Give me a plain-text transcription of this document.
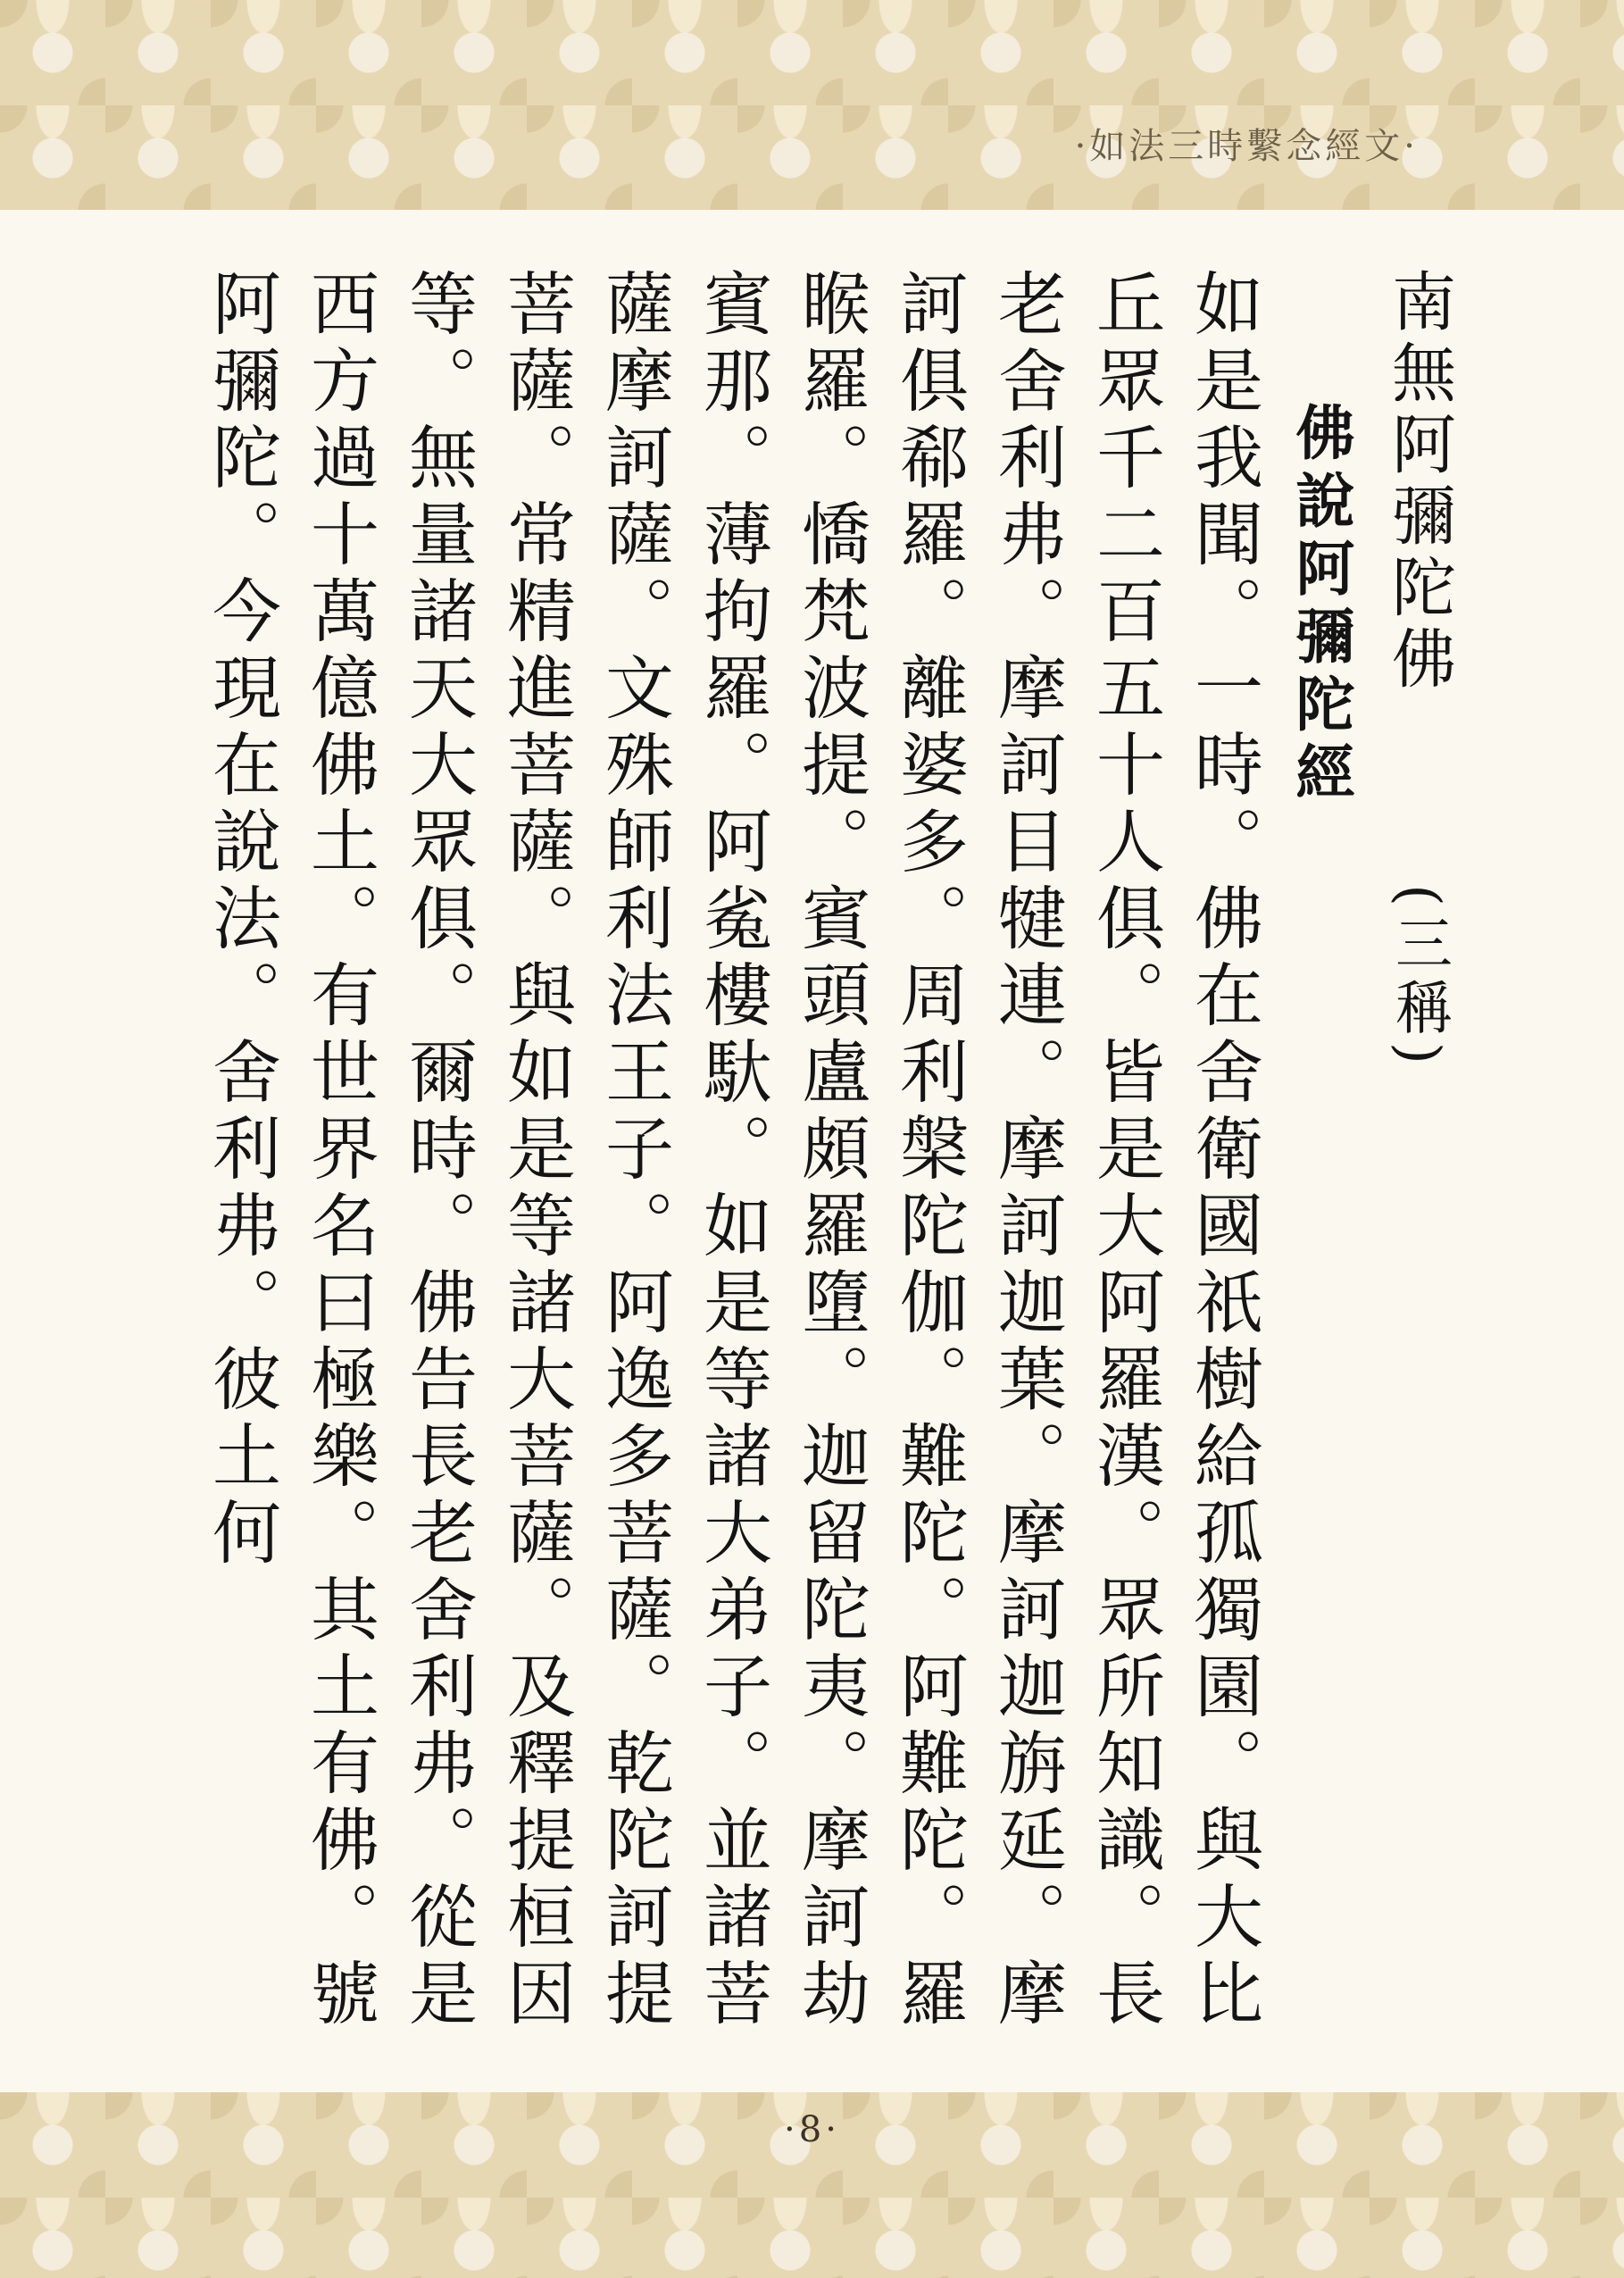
·如法三時繫念經文·

南無阿彌陀佛(三稱)

佛說阿彌陀經

如是我聞。一時。佛在舍衛國祇樹給孤獨園。與大比丘眾千二百五十人俱。皆是大阿羅漢。眾所知識。長老舍利弗。摩訶目犍連。摩訶迦葉。摩訶迦旃延。摩訶俱郗羅。離婆多。周利槃陀伽。難陀。阿難陀。羅睺羅。憍梵波提。賓頭盧頗羅墮。迦留陀夷。摩訶劫賓那。薄拘羅。阿㝹樓馱。如是等諸大弟子。並諸菩薩摩訶薩。文殊師利法王子。阿逸多菩薩。乾陀訶提菩薩。常精進菩薩。與如是等諸大菩薩。及釋提桓因等。無量諸天大眾俱。爾時。佛告長老舍利弗。從是西方過十萬億佛土。有世界名曰極樂。其土有佛。號阿彌陀。今現在說法。舍利弗。彼土何

·8·
